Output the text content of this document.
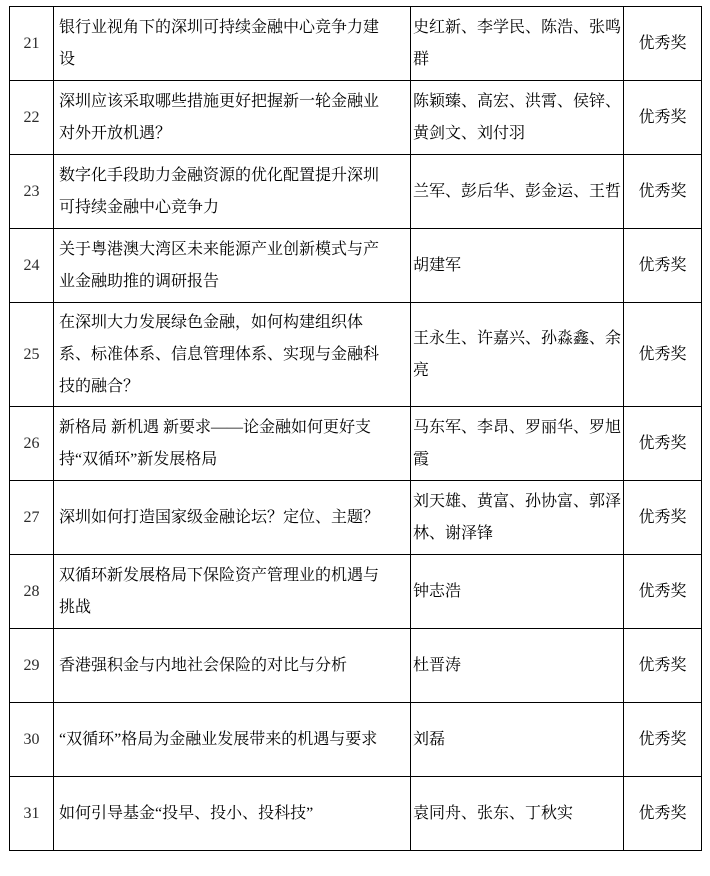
21	银行业视角下的深圳可持续金融中心竞争力建设	史红新、李学民、陈浩、张鸣群	优秀奖
22	深圳应该采取哪些措施更好把握新一轮金融业对外开放机遇？	陈颖臻、高宏、洪霄、侯锌、黄剑文、刘付羽	优秀奖
23	数字化手段助力金融资源的优化配置提升深圳可持续金融中心竞争力	兰军、彭后华、彭金运、王哲	优秀奖
24	关于粤港澳大湾区未来能源产业创新模式与产业金融助推的调研报告	胡建军	优秀奖
25	在深圳大力发展绿色金融，如何构建组织体系、标准体系、信息管理体系、实现与金融科技的融合？	王永生、许嘉兴、孙淼鑫、余亮	优秀奖
26	新格局 新机遇 新要求——论金融如何更好支持“双循环”新发展格局	马东军、李昂、罗丽华、罗旭霞	优秀奖
27	深圳如何打造国家级金融论坛？定位、主题？	刘天雄、黄富、孙协富、郭泽林、谢泽锋	优秀奖
28	双循环新发展格局下保险资产管理业的机遇与挑战	钟志浩	优秀奖
29	香港强积金与内地社会保险的对比与分析	杜晋涛	优秀奖
30	“双循环”格局为金融业发展带来的机遇与要求	刘磊	优秀奖
31	如何引导基金“投早、投小、投科技”	袁同舟、张东、丁秋实	优秀奖
